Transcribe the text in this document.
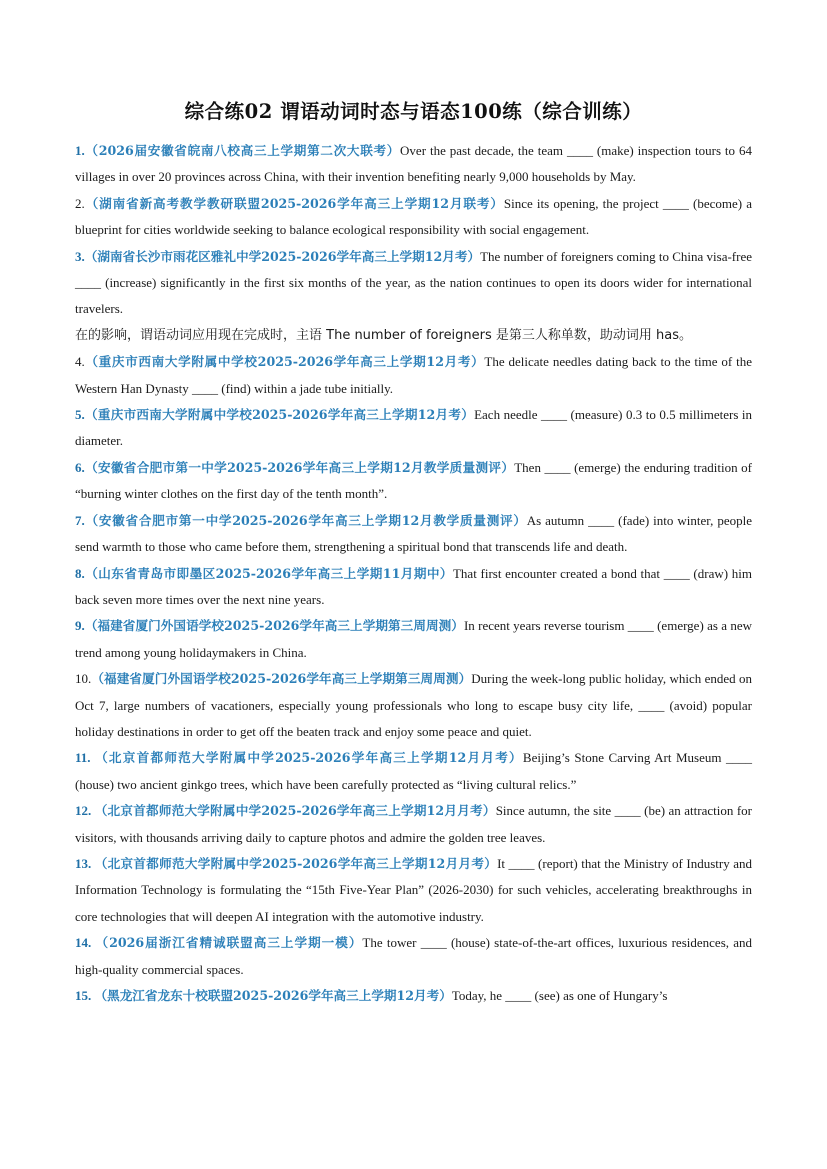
综合练02 谓语动词时态与语态100练（综合训练）

1.（2026届安徽省皖南八校高三上学期第二次大联考）Over the past decade, the team ____ (make) inspection tours to 64 villages in over 20 provinces across China, with their invention benefiting nearly 9,000 households by May.

2.（湖南省新高考教学教研联盟2025-2026学年高三上学期12月联考）Since its opening, the project ____ (become) a blueprint for cities worldwide seeking to balance ecological responsibility with social engagement.

3.（湖南省长沙市雨花区雅礼中学2025-2026学年高三上学期12月考）The number of foreigners coming to China visa-free ____ (increase) significantly in the first six months of the year, as the nation continues to open its doors wider for international travelers.

在的影响，谓语动词应用现在完成时，主语 The number of foreigners 是第三人称单数，助动词用 has。

4.（重庆市西南大学附属中学校2025-2026学年高三上学期12月考）The delicate needles dating back to the time of the Western Han Dynasty ____ (find) within a jade tube initially.

5.（重庆市西南大学附属中学校2025-2026学年高三上学期12月考）Each needle ____ (measure) 0.3 to 0.5 millimeters in diameter.

6.（安徽省合肥市第一中学2025-2026学年高三上学期12月教学质量测评）Then ____ (emerge) the enduring tradition of “burning winter clothes on the first day of the tenth month”.

7.（安徽省合肥市第一中学2025-2026学年高三上学期12月教学质量测评）As autumn ____ (fade) into winter, people send warmth to those who came before them, strengthening a spiritual bond that transcends life and death.

8.（山东省青岛市即墨区2025-2026学年高三上学期11月期中）That first encounter created a bond that ____ (draw) him back seven more times over the next nine years.

9.（福建省厦门外国语学校2025-2026学年高三上学期第三周周测）In recent years reverse tourism ____ (emerge) as a new trend among young holidaymakers in China.

10.（福建省厦门外国语学校2025-2026学年高三上学期第三周周测）During the week-long public holiday, which ended on Oct 7, large numbers of vacationers, especially young professionals who long to escape busy city life, ____ (avoid) popular holiday destinations in order to get off the beaten track and enjoy some peace and quiet.

11. （北京首都师范大学附属中学2025-2026学年高三上学期12月月考）Beijing’s Stone Carving Art Museum ____ (house) two ancient ginkgo trees, which have been carefully protected as “living cultural relics.”

12. （北京首都师范大学附属中学2025-2026学年高三上学期12月月考）Since autumn, the site ____ (be) an attraction for visitors, with thousands arriving daily to capture photos and admire the golden tree leaves.

13. （北京首都师范大学附属中学2025-2026学年高三上学期12月月考）It ____ (report) that the Ministry of Industry and Information Technology is formulating the “15th Five-Year Plan” (2026-2030) for such vehicles, accelerating breakthroughs in core technologies that will deepen AI integration with the automotive industry.

14. （2026届浙江省精诚联盟高三上学期一模）The tower ____ (house) state-of-the-art offices, luxurious residences, and high-quality commercial spaces.

15. （黑龙江省龙东十校联盟2025-2026学年高三上学期12月考）Today, he ____ (see) as one of Hungary’s
